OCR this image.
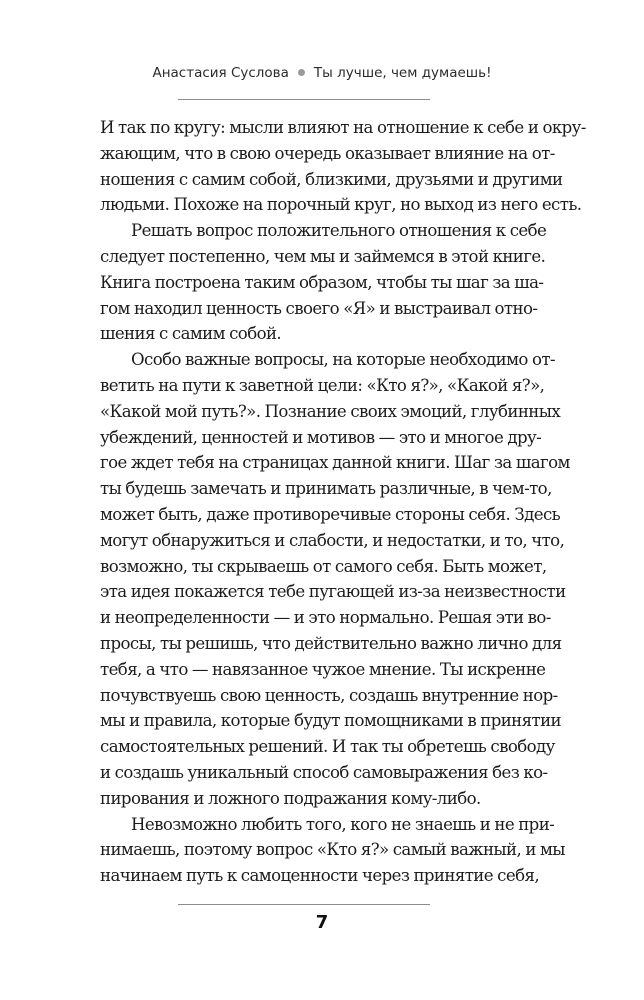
Анастасия Суслова Ты лучше, чем думаешь!
И так по кругу: мысли влияют на отношение к себе и окру-
жающим, что в свою очередь оказывает влияние на от-
ношения с самим собой, близкими, друзьями и другими
людьми. Похоже на порочный круг, но выход из него есть.
Решать вопрос положительного отношения к себе
следует постепенно, чем мы и займемся в этой книге.
Книга построена таким образом, чтобы ты шаг за ша-
гом находил ценность своего «Я» и выстраивал отно-
шения с самим собой.
Особо важные вопросы, на которые необходимо от-
ветить на пути к заветной цели: «Кто я?», «Какой я?»,
«Какой мой путь?». Познание своих эмоций, глубинных
убеждений, ценностей и мотивов — это и многое дру-
гое ждет тебя на страницах данной книги. Шаг за шагом
ты будешь замечать и принимать различные, в чем-то,
может быть, даже противоречивые стороны себя. Здесь
могут обнаружиться и слабости, и недостатки, и то, что,
возможно, ты скрываешь от самого себя. Быть может,
эта идея покажется тебе пугающей из-за неизвестности
и неопределенности — и это нормально. Решая эти во-
просы, ты решишь, что действительно важно лично для
тебя, а что — навязанное чужое мнение. Ты искренне
почувствуешь свою ценность, создашь внутренние нор-
мы и правила, которые будут помощниками в принятии
самостоятельных решений. И так ты обретешь свободу
и создашь уникальный способ самовыражения без ко-
пирования и ложного подражания кому-либо.
Невозможно любить того, кого не знаешь и не при-
нимаешь, поэтому вопрос «Кто я?» самый важный, и мы
начинаем путь к самоценности через принятие себя,
7
